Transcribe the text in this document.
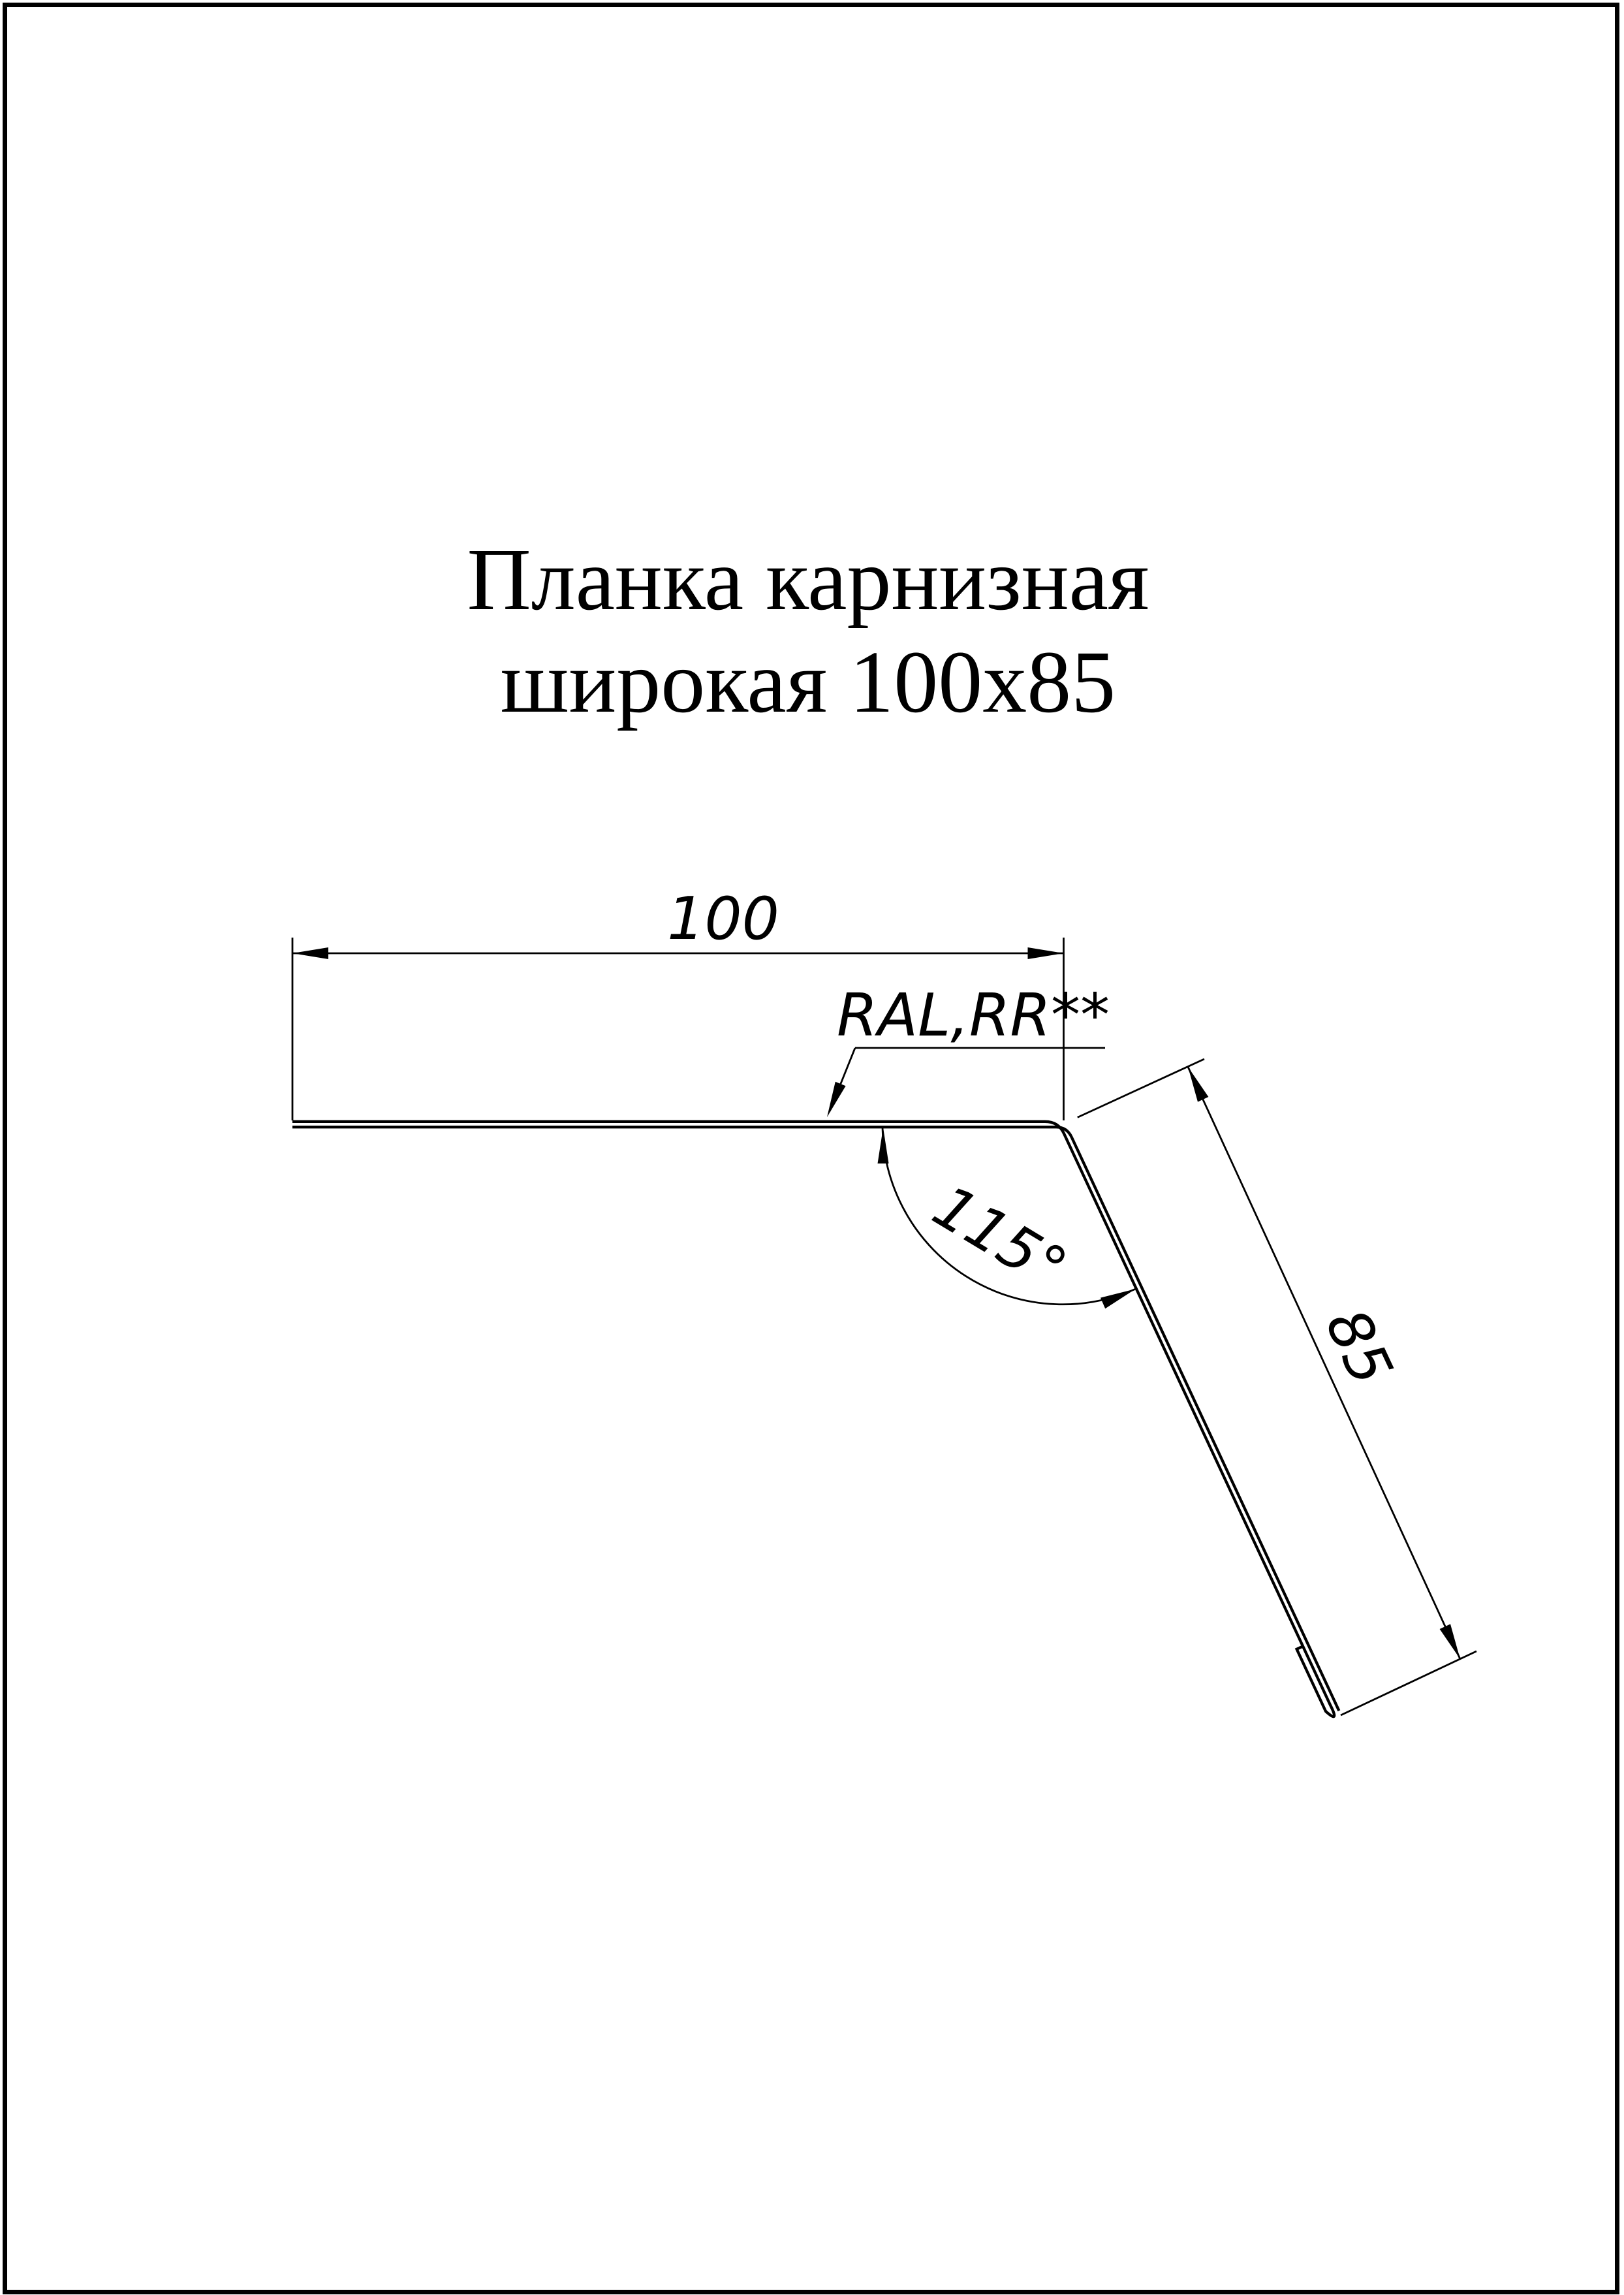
Планка карнизная
широкая 100х85
100
RAL,RR**
115°
85
